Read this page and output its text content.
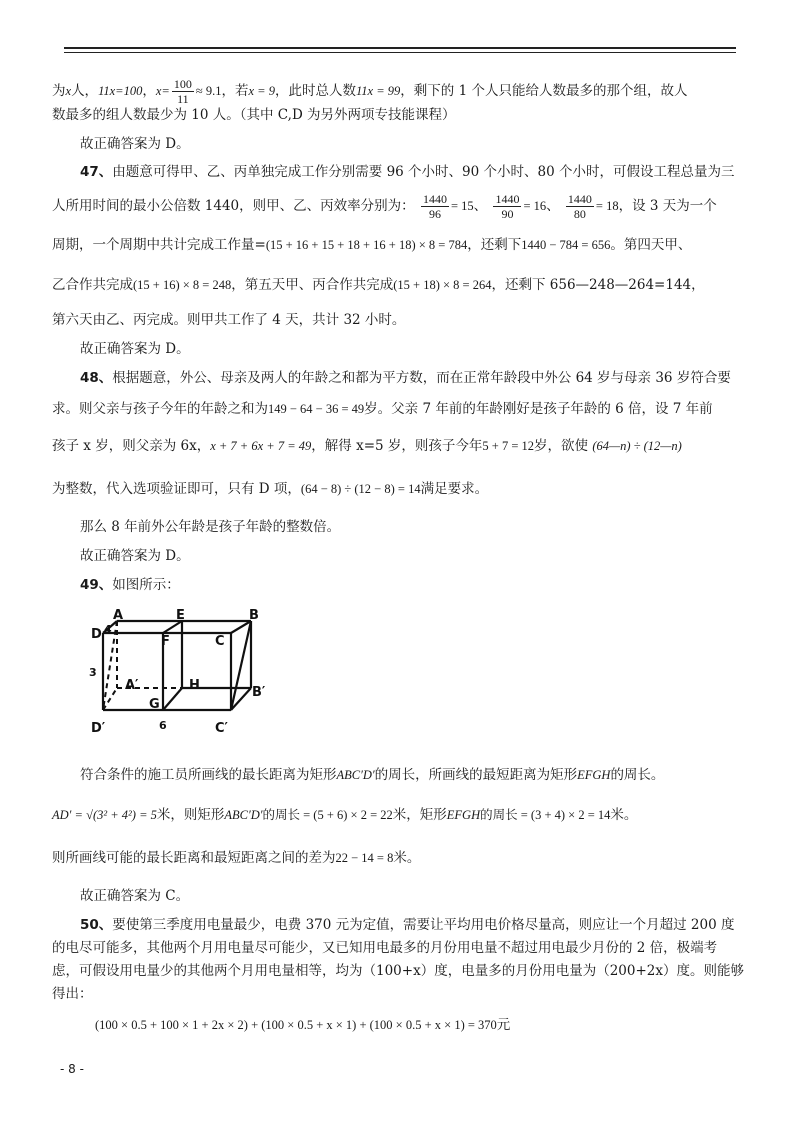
为x人，11x=100，$x= \frac{100}{11} \approx 9.1$，若x = 9，此时总人数11x = 99，剩下的 1 个人只能给人数最多的那个组，故人
数最多的组人数最少为 10 人。（其中 C,D 为另外两项专技能课程）
故正确答案为 D。
47、由题意可得甲、乙、丙单独完成工作分别需要 96 个小时、90 个小时、80 个小时，可假设工程总量为三
人所用时间的最小公倍数 1440，则甲、乙、丙效率分别为： $\frac{1440}{96} = 15$、 $\frac{1440}{90} = 16$、 $\frac{1440}{80} = 18$，设 3 天为一个
周期，一个周期中共计完成工作量=(15 + 16 + 15 + 18 + 16 + 18) × 8 = 784，还剩下1440 − 784 = 656。第四天甲、
乙合作共完成(15 + 16) × 8 = 248，第五天甲、丙合作共完成(15 + 18) × 8 = 264，还剩下 656—248—264=144，
第六天由乙、丙完成。则甲共工作了 4 天，共计 32 小时。
故正确答案为 D。
48、根据题意，外公、母亲及两人的年龄之和都为平方数，而在正常年龄段中外公 64 岁与母亲 36 岁符合要
求。则父亲与孩子今年的年龄之和为149 − 64 − 36 = 49岁。父亲 7 年前的年龄刚好是孩子年龄的 6 倍，设 7 年前
孩子 x 岁，则父亲为 6x，x + 7 + 6x + 7 = 49，解得 x=5 岁，则孩子今年5 + 7 = 12岁，欲使 (64—n) ÷ (12—n)
为整数，代入选项验证即可，只有 D 项，(64 − 8) ÷ (12 − 8) = 14满足要求。
那么 8 年前外公年龄是孩子年龄的整数倍。
故正确答案为 D。
49、如图所示：
A	E	B
D	F	C
A′	H	B′
G
D′	C′
4
3
6
符合条件的施工员所画线的最长距离为矩形ABC′D′的周长，所画线的最短距离为矩形EFGH的周长。
AD′ = √(3² + 4²) = 5米，则矩形ABC′D′的周长 = (5 + 6) × 2 = 22米，矩形EFGH的周长 = (3 + 4) × 2 = 14米。
则所画线可能的最长距离和最短距离之间的差为22 − 14 = 8米。
故正确答案为 C。
50、要使第三季度用电量最少，电费 370 元为定值，需要让平均用电价格尽量高，则应让一个月超过 200 度
的电尽可能多，其他两个月用电量尽可能少，又已知用电最多的月份用电量不超过用电最少月份的 2 倍，极端考
虑，可假设用电量少的其他两个月用电量相等，均为（100+x）度，电量多的月份用电量为（200+2x）度。则能够
得出：
(100 × 0.5 + 100 × 1 + 2x × 2) + (100 × 0.5 + x × 1) + (100 × 0.5 + x × 1) = 370元
- 8 -
